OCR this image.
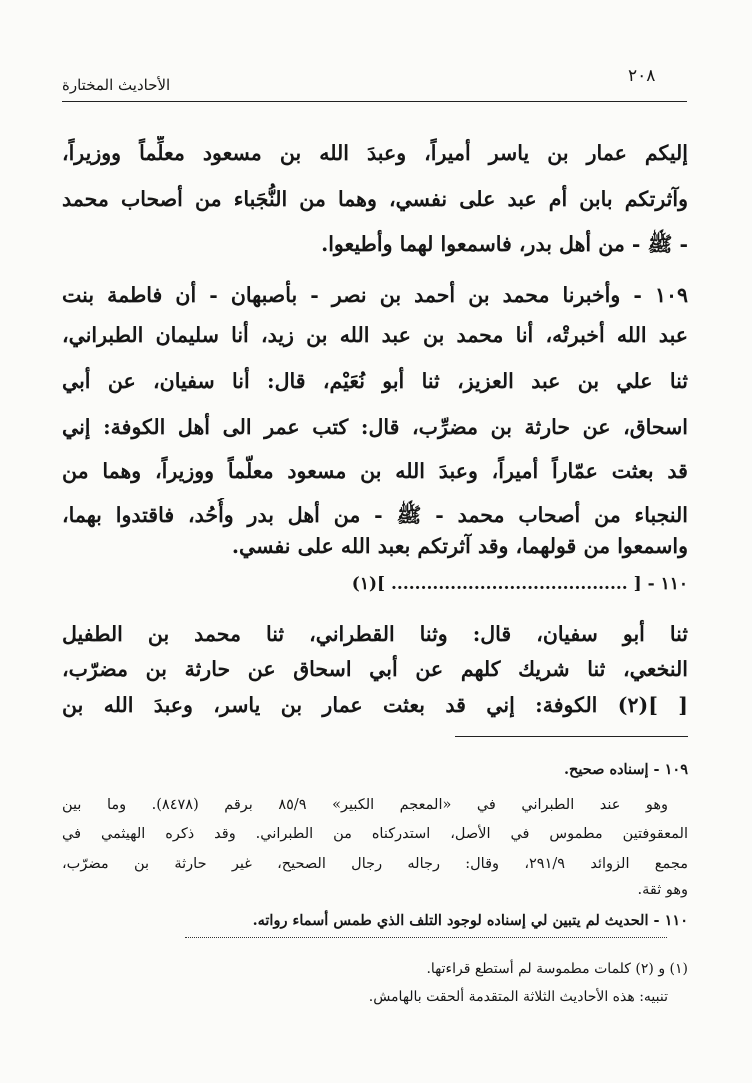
٢٠٨
الأحاديث المختارة
إليكم عمار بن ياسر أميراً، وعبدَ الله بن مسعود معلِّماً ووزيراً،
وآثرتكم بابن أم عبد على نفسي، وهما من النُّجَباء من أصحاب محمد
- ﷺ - من أهل بدر، فاسمعوا لهما وأطيعوا.
١٠٩ - وأخبرنا محمد بن أحمد بن نصر - بأصبهان - أن فاطمة بنت
عبد الله أخبرتْه، أنا محمد بن عبد الله بن زيد، أنا سليمان الطبراني،
ثنا علي بن عبد العزيز، ثنا أبو نُعَيْم، قال: أنا سفيان، عن أبي
اسحاق، عن حارثة بن مضرِّب، قال: كتب عمر الى أهل الكوفة: إني
قد بعثت عمّاراً أميراً، وعبدَ الله بن مسعود معلّماً ووزيراً، وهما من
النجباء من أصحاب محمد - ﷺ - من أهل بدر وأُحُد، فاقتدوا بهما،
واسمعوا من قولهما، وقد آثرتكم بعبد الله على نفسي.
١١٠ - [ ........................................ ](١)
ثنا أبو سفيان، قال: وثنا القطراني، ثنا محمد بن الطفيل
النخعي، ثنا شريك كلهم عن أبي اسحاق عن حارثة بن مضرّب،
[ ](٢) الكوفة: إني قد بعثت عمار بن ياسر، وعبدَ الله بن
١٠٩ - إسناده صحيح.
وهو عند الطبراني في «المعجم الكبير» ٨٥/٩ برقم (٨٤٧٨). وما بين
المعقوفتين مطموس في الأصل، استدركناه من الطبراني. وقد ذكره الهيثمي في
مجمع الزوائد ٢٩١/٩، وقال: رجاله رجال الصحيح، غير حارثة بن مضرّب،
وهو ثقة.
١١٠ - الحديث لم يتبين لي إسناده لوجود التلف الذي طمس أسماء رواته.
(١) و (٢) كلمات مطموسة لم أستطع قراءتها.
تنبيه: هذه الأحاديث الثلاثة المتقدمة ألحقت بالهامش.
